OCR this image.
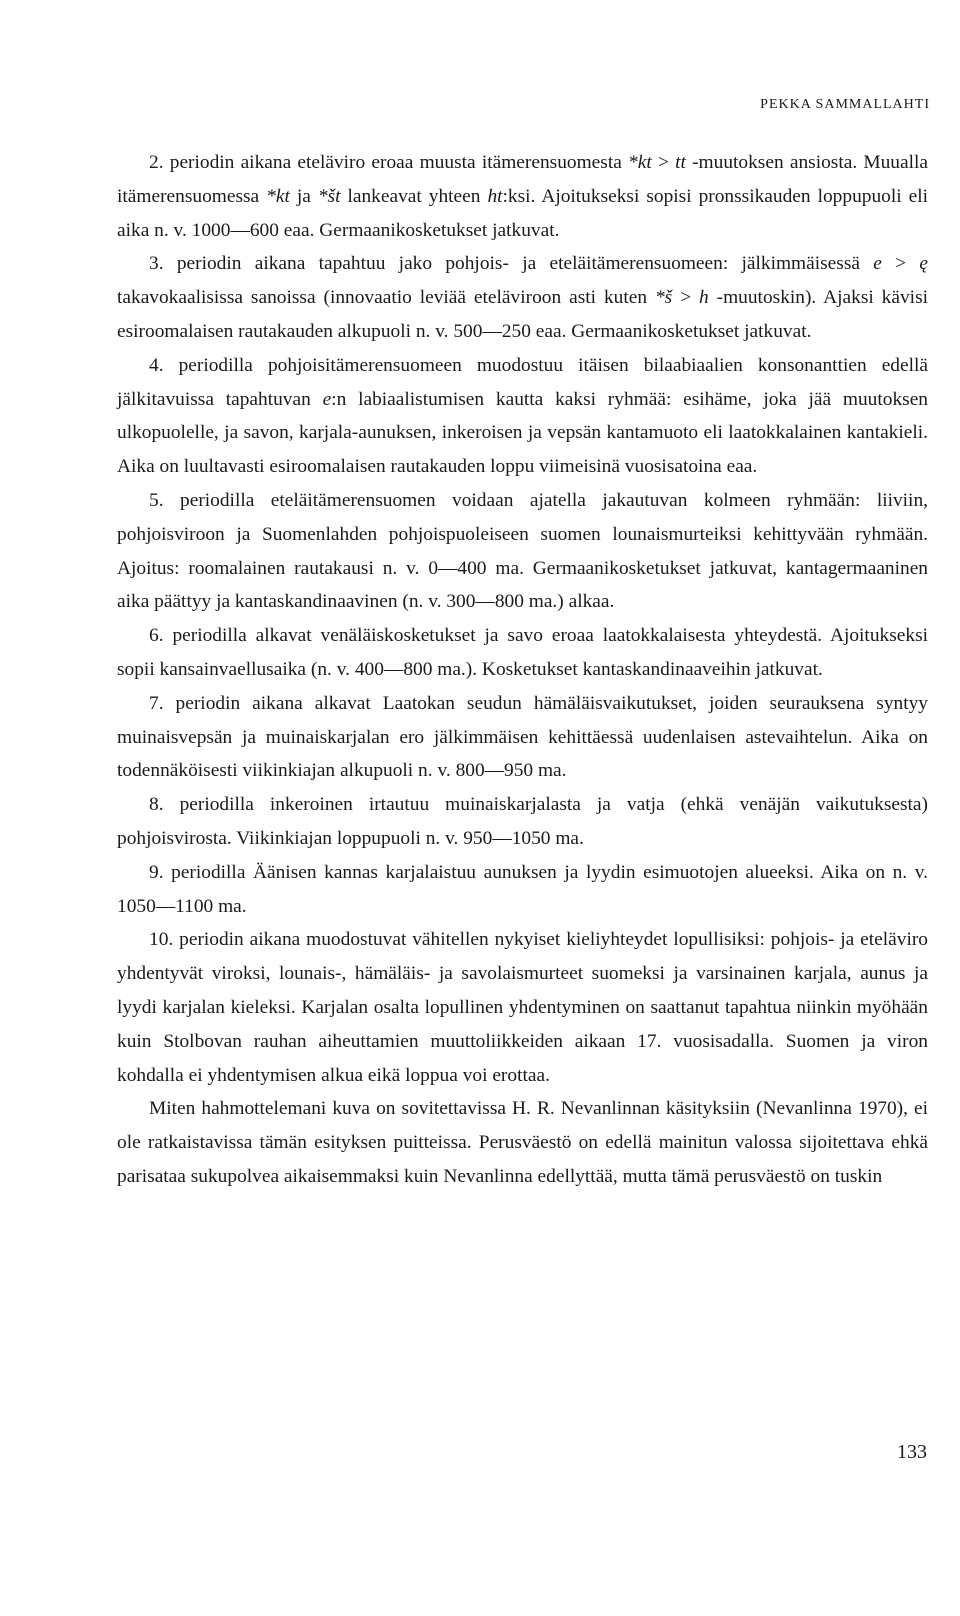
PEKKA SAMMALLAHTI

2. periodin aikana eteläviro eroaa muusta itämerensuomesta *kt > tt -muutoksen ansiosta. Muualla itämerensuomessa *kt ja *št lankeavat yhteen ht:ksi. Ajoitukseksi sopisi pronssikauden loppupuoli eli aika n. v. 1000—600 eaa. Germaanikosketukset jatkuvat.

3. periodin aikana tapahtuu jako pohjois- ja eteläitämerensuomeen: jälkimmäisessä e > ę takavokaalisissa sanoissa (innovaatio leviää eteläviroon asti kuten *š > h -muutoskin). Ajaksi kävisi esiroomalaisen rautakauden alkupuoli n. v. 500—250 eaa. Germaanikosketukset jatkuvat.

4. periodilla pohjoisitämerensuomeen muodostuu itäisen bilaabiaalien konsonanttien edellä jälkitavuissa tapahtuvan e:n labiaalistumisen kautta kaksi ryhmää: esihäme, joka jää muutoksen ulkopuolelle, ja savon, karjala-aunuksen, inkeroisen ja vepsän kantamuoto eli laatokkalainen kantakieli. Aika on luultavasti esiroomalaisen rautakauden loppu viimeisinä vuosisatoina eaa.

5. periodilla eteläitämerensuomen voidaan ajatella jakautuvan kolmeen ryhmään: liiviin, pohjoisviroon ja Suomenlahden pohjoispuoleiseen suomen lounaismurteiksi kehittyvään ryhmään. Ajoitus: roomalainen rautakausi n. v. 0—400 ma. Germaanikosketukset jatkuvat, kantagermaaninen aika päättyy ja kantaskandinaavinen (n. v. 300—800 ma.) alkaa.

6. periodilla alkavat venäläiskosketukset ja savo eroaa laatokkalaisesta yhteydestä. Ajoitukseksi sopii kansainvaellusaika (n. v. 400—800 ma.). Kosketukset kantaskandinaaveihin jatkuvat.

7. periodin aikana alkavat Laatokan seudun hämäläisvaikutukset, joiden seurauksena syntyy muinaisvepsän ja muinaiskarjalan ero jälkimmäisen kehittäessä uudenlaisen astevaihtelun. Aika on todennäköisesti viikinkiajan alkupuoli n. v. 800—950 ma.

8. periodilla inkeroinen irtautuu muinaiskarjalasta ja vatja (ehkä venäjän vaikutuksesta) pohjoisvirosta. Viikinkiajan loppupuoli n. v. 950—1050 ma.

9. periodilla Äänisen kannas karjalaistuu aunuksen ja lyydin esimuotojen alueeksi. Aika on n. v. 1050—1100 ma.

10. periodin aikana muodostuvat vähitellen nykyiset kieliyhteydet lopullisiksi: pohjois- ja eteläviro yhdentyvät viroksi, lounais-, hämäläis- ja savolaismurteet suomeksi ja varsinainen karjala, aunus ja lyydi karjalan kieleksi. Karjalan osalta lopullinen yhdentyminen on saattanut tapahtua niinkin myöhään kuin Stolbovan rauhan aiheuttamien muuttoliikkeiden aikaan 17. vuosisadalla. Suomen ja viron kohdalla ei yhdentymisen alkua eikä loppua voi erottaa.

Miten hahmottelemani kuva on sovitettavissa H. R. Nevanlinnan käsityksiin (Nevanlinna 1970), ei ole ratkaistavissa tämän esityksen puitteissa. Perusväestö on edellä mainitun valossa sijoitettava ehkä parisataa sukupolvea aikaisemmaksi kuin Nevanlinna edellyttää, mutta tämä perusväestö on tuskin

133
